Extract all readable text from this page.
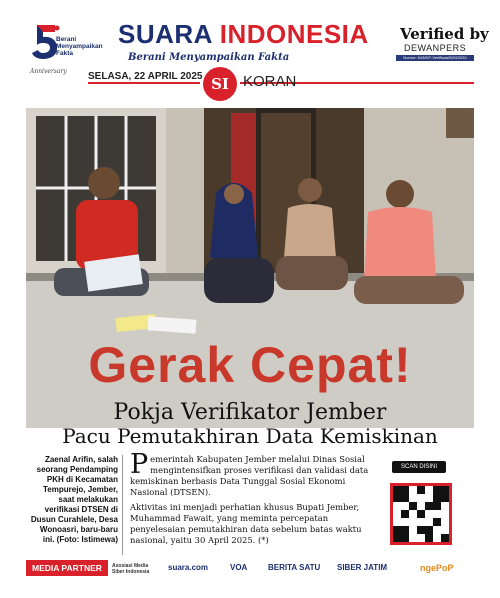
Berani
Menyampaikan
Fakta
Anniversary
SUARA INDONESIA
Berani Menyampaikan Fakta
Verified by
DEWANPERS
Nomor: 643/DP-Verifikasi/K/III/2020
SELASA, 22 APRIL 2025 SI KORAN
Gerak Cepat!
Pokja Verifikator Jember
Pacu Pemutakhiran Data Kemiskinan
Zaenal Arifin, salah seorang Pendamping PKH di Kecamatan Tempurejo, Jember, saat melakukan verifikasi DTSEN di Dusun Curahlele, Desa Wonoasri, baru-baru ini. (Foto: Istimewa)

Pemerintah Kabupaten Jember melalui Dinas Sosial mengintensifkan proses verifikasi dan validasi data kemiskinan berbasis Data Tunggal Sosial Ekonomi Nasional (DTSEN).

Aktivitas ini menjadi perhatian khusus Bupati Jember, Muhammad Fawait, yang meminta percepatan penyelesaian pemutakhiran data sebelum batas waktu nasional, yaitu 30 April 2025. (*)

SCAN DISINI
MEDIA PARTNER	Asosiasi Media Siber Indonesia	suara.com	VOA	BERITA SATU SIBER JATIM	ngePoP
